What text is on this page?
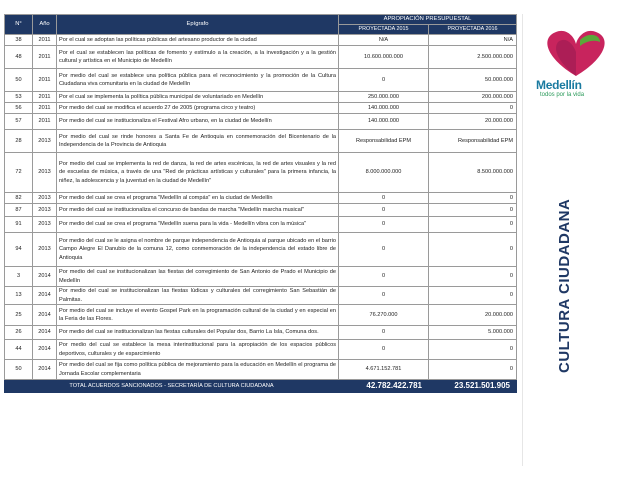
N°	Año	Epígrafo	APROPIACIÓN PRESUPUESTAL	
			PROYECTADA 2015	PROYECTADA 2016
38	2011	Por el cual se adoptan las políticas públicas del artesano productor de la ciudad	N/A	N/A
48	2011	Por el cual se establecen las políticas de fomento y estímulo a la creación, a la investigación y a la gestión cultural y artística en el Municipio de Medellín	10.600.000.000	2.500.000.000
50	2011	Por medio del cual se establece una política pública para el reconocimiento y la promoción de la Cultura Ciudadana viva comunitaria en la ciudad de Medellín	0	50.000.000
53	2011	Por el cual se implementa la política pública municipal de voluntariado en Medellín	250.000.000	200.000.000
56	2011	Por medio del cual se modifica el acuerdo 27 de 2005 (programa circo y teatro)	140.000.000	0
57	2011	Por medio del cual se institucionaliza el Festival Afro urbano, en la ciudad de Medellín	140.000.000	20.000.000
28	2013	Por medio del cual se rinde honores a Santa Fe de Antioquia en conmemoración del Bicentenario de la Independencia de la Provincia de Antioquia	Responsabilidad EPM	Responsabilidad EPM
72	2013	Por medio del cual se implementa la red de danza, la red de artes escénicas, la red de artes visuales y la red de escuelas de música, a través de una "Red de prácticas artísticas y culturales" para la primera infancia, la niñez, la adolescencia y la juventud en la ciudad de Medellín"	8.000.000.000	8.500.000.000
82	2013	Por medio del cual se crea el programa "Medellín al compás" en la ciudad de Medellín	0	0
87	2013	Por medio del cual se institucionaliza el concurso de bandas de marcha "Medellín marcha musical"	0	0
91	2013	Por medio del cual se crea el programa "Medellín suena para la vida - Medellín vibra con la música"	0	0
94	2013	Por medio del cual se le asigna el nombre de parque independencia de Antioquia al parque ubicado en el barrio Campo Alegre El Danubio de la comuna 12, como conmemoración de la independencia del estado libre de Antioquia	0	0
3	2014	Por medio del cual se institucionalizan las fiestas del corregimiento de San Antonio de Prado el Municipio de Medellín	0	0
13	2014	Por medio del cual se institucionalizan las fiestas lúdicas y culturales del corregimiento San Sebastián de Palmitas.	0	0
25	2014	Por medio del cual se incluye el evento Gospel Park en la programación cultural de la ciudad y en especial en la Feria de las Flores.	76.270.000	20.000.000
26	2014	Por medio del cual se institucionalizan las fiestas culturales del Popular dos, Barrio La Isla, Comuna dos.	0	5.000.000
44	2014	Por medio del cual se establece la mesa interinstitucional para la apropiación de los espacios públicos deportivos, culturales y de esparcimiento	0	0
50	2014	Por medio del cual se fija como política pública de mejoramiento para la educación en Medellín el programa de Jornada Escolar complementaria	4.671.152.781	0
TOTAL ACUERDOS SANCIONADOS - SECRETARÍA DE CULTURA CIUDADANA			42.782.422.781	23.521.501.905
Medellín
todos por la vida
CULTURA CIUDADANA
